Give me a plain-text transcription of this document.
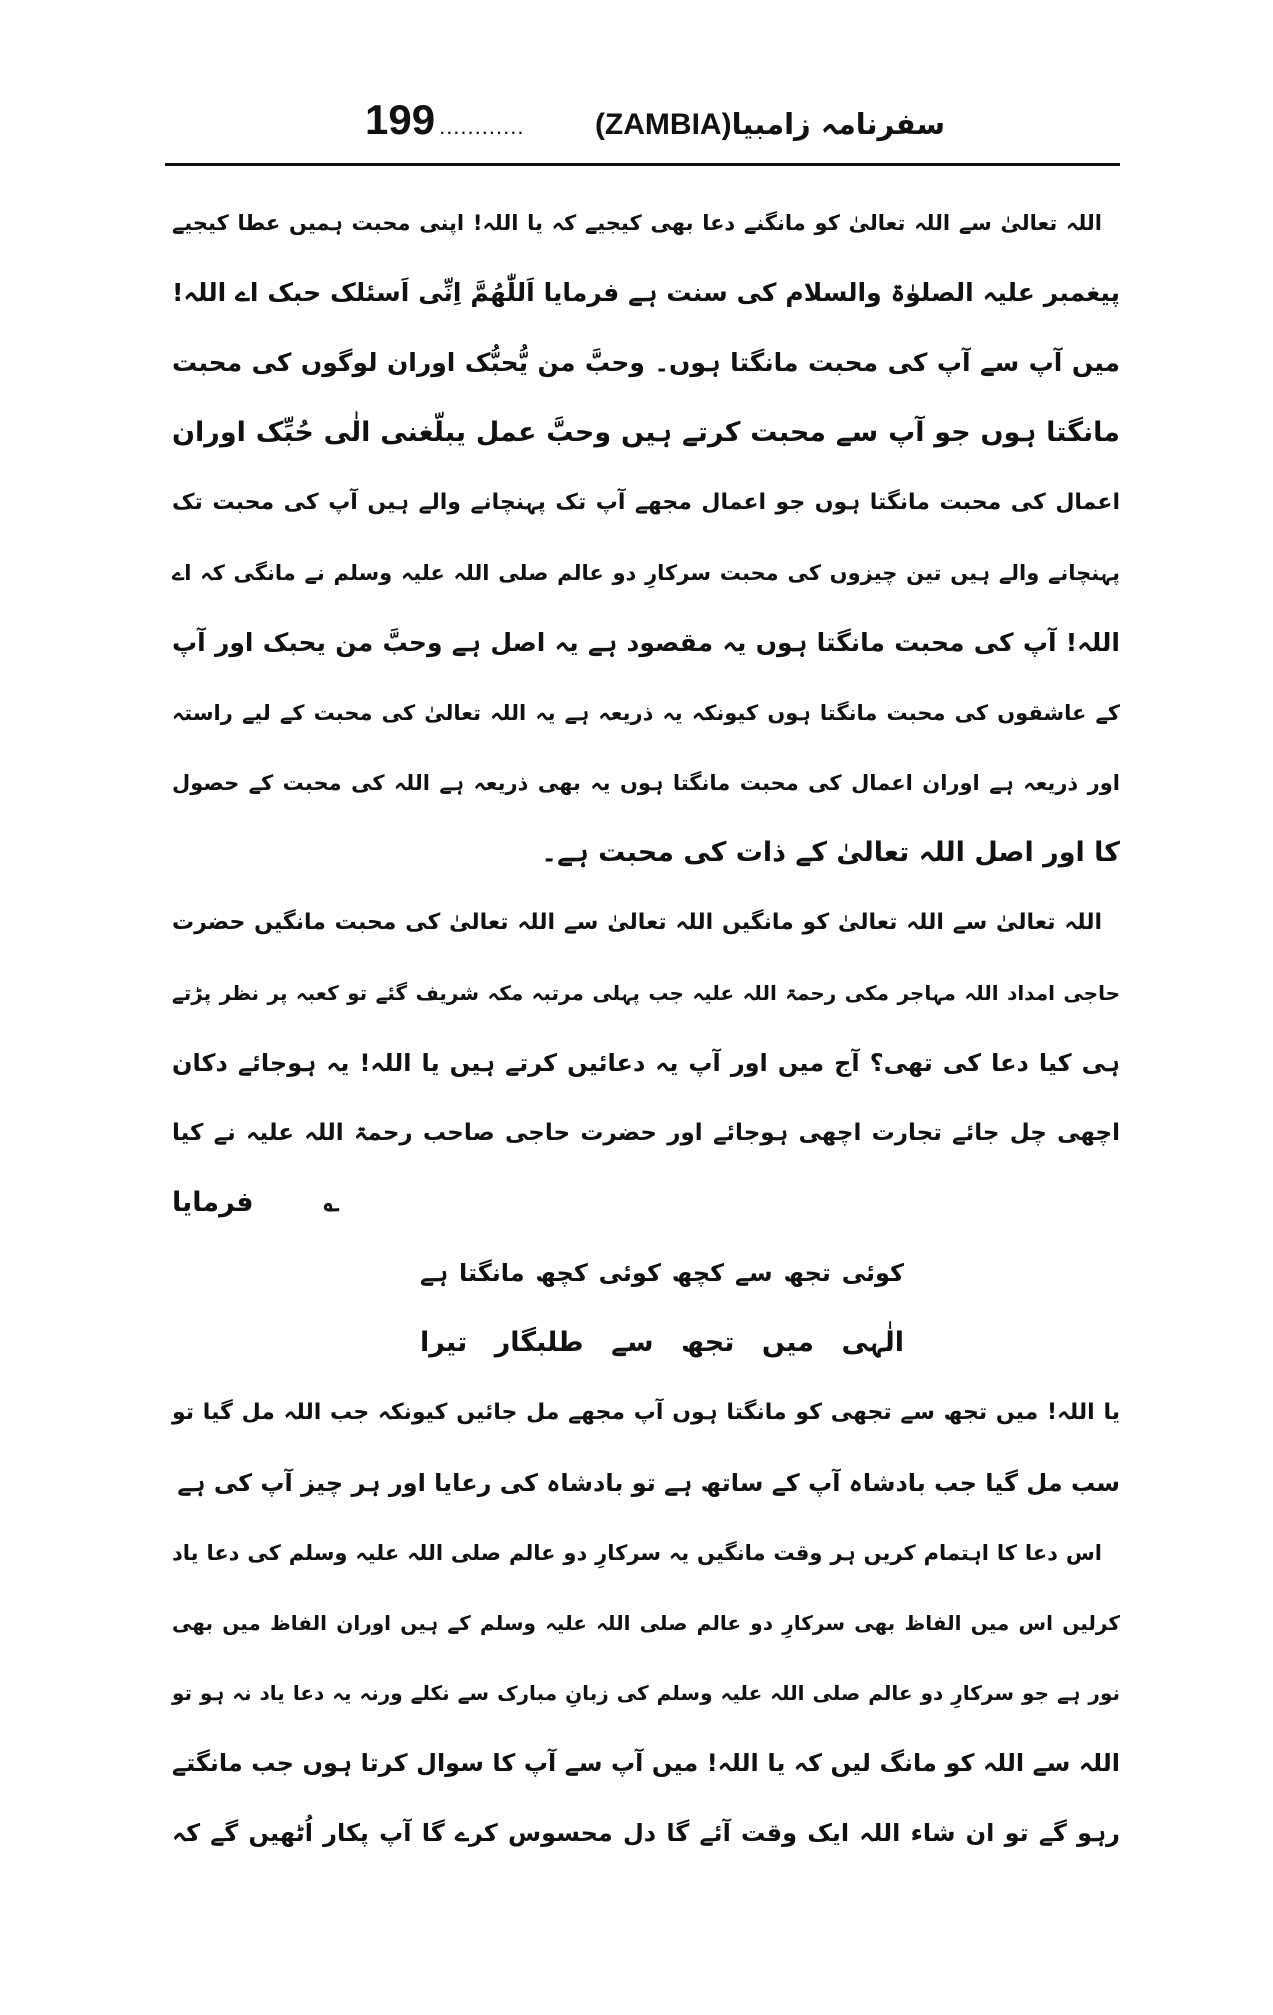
199 ............ (ZAMBIA) سفرنامہ زامبیا
اللہ تعالیٰ سے اللہ تعالیٰ کو مانگنے دعا بھی کیجیے کہ یا اللہ! اپنی محبت ہمیں عطا کیجیے
پیغمبر علیہ الصلوٰۃ والسلام کی سنت ہے فرمایا اَللّٰھُمَّ اِنِّی اَسئلک حبک اے اللہ!
میں آپ سے آپ کی محبت مانگتا ہوں۔ وحبَّ من یُّحبُّک اوران لوگوں کی محبت
مانگتا ہوں جو آپ سے محبت کرتے ہیں وحبَّ عمل یبلّغنی الٰی حُبِّک اوران
اعمال کی محبت مانگتا ہوں جو اعمال مجھے آپ تک پہنچانے والے ہیں آپ کی محبت تک
پہنچانے والے ہیں تین چیزوں کی محبت سرکارِ دو عالم صلی اللہ علیہ وسلم نے مانگی کہ اے
اللہ! آپ کی محبت مانگتا ہوں یہ مقصود ہے یہ اصل ہے وحبَّ من یحبک اور آپ
کے عاشقوں کی محبت مانگتا ہوں کیونکہ یہ ذریعہ ہے یہ اللہ تعالیٰ کی محبت کے لیے راستہ
اور ذریعہ ہے اوران اعمال کی محبت مانگتا ہوں یہ بھی ذریعہ ہے اللہ کی محبت کے حصول
کا اور اصل اللہ تعالیٰ کے ذات کی محبت ہے۔
اللہ تعالیٰ سے اللہ تعالیٰ کو مانگیں اللہ تعالیٰ سے اللہ تعالیٰ کی محبت مانگیں حضرت
حاجی امداد اللہ مہاجر مکی رحمۃ اللہ علیہ جب پہلی مرتبہ مکہ شریف گئے تو کعبہ پر نظر پڑتے
ہی کیا دعا کی تھی؟ آج میں اور آپ یہ دعائیں کرتے ہیں یا اللہ! یہ ہوجائے دکان
اچھی چل جائے تجارت اچھی ہوجائے اور حضرت حاجی صاحب رحمۃ اللہ علیہ نے کیا
فرمایا	؎
کوئی تجھ سے کچھ کوئی کچھ مانگتا ہے
الٰہی میں تجھ سے طلبگار تیرا
یا اللہ! میں تجھ سے تجھی کو مانگتا ہوں آپ مجھے مل جائیں کیونکہ جب اللہ مل گیا تو
سب مل گیا جب بادشاہ آپ کے ساتھ ہے تو بادشاہ کی رعایا اور ہر چیز آپ کی ہے
اس دعا کا اہتمام کریں ہر وقت مانگیں یہ سرکارِ دو عالم صلی اللہ علیہ وسلم کی دعا یاد
کرلیں اس میں الفاظ بھی سرکارِ دو عالم صلی اللہ علیہ وسلم کے ہیں اوران الفاظ میں بھی
نور ہے جو سرکارِ دو عالم صلی اللہ علیہ وسلم کی زبانِ مبارک سے نکلے ورنہ یہ دعا یاد نہ ہو تو
اللہ سے اللہ کو مانگ لیں کہ یا اللہ! میں آپ سے آپ کا سوال کرتا ہوں جب مانگتے
رہو گے تو ان شاء اللہ ایک وقت آئے گا دل محسوس کرے گا آپ پکار اُٹھیں گے کہ
